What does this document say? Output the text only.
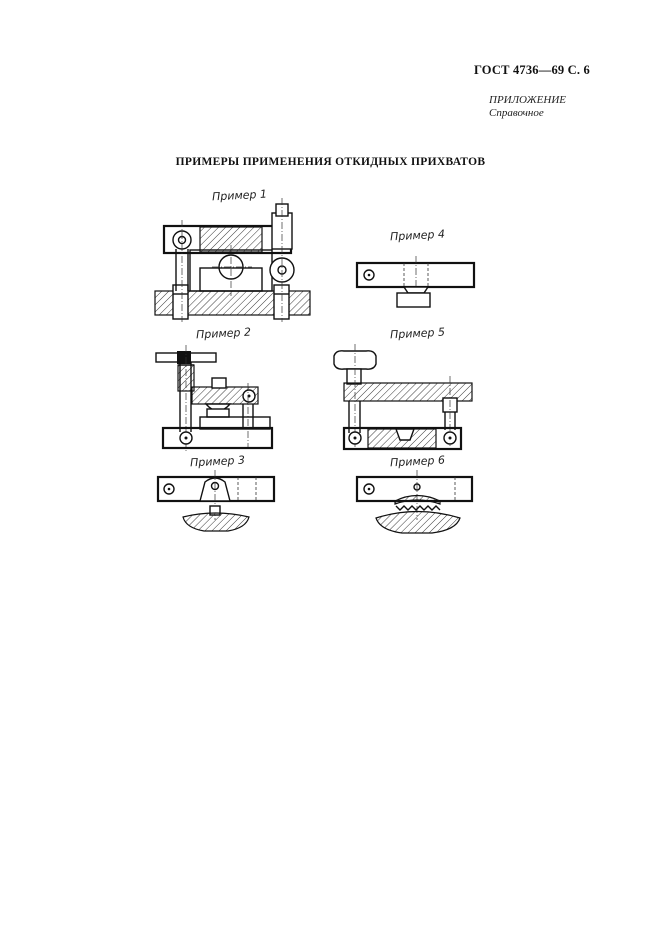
ГОСТ 4736—69 С. 6
ПРИЛОЖЕНИЕ
Справочное
ПРИМЕРЫ ПРИМЕНЕНИЯ ОТКИДНЫХ ПРИХВАТОВ
Пример 1
Пример 2
Пример 3
Пример 4
Пример 5
Пример 6
